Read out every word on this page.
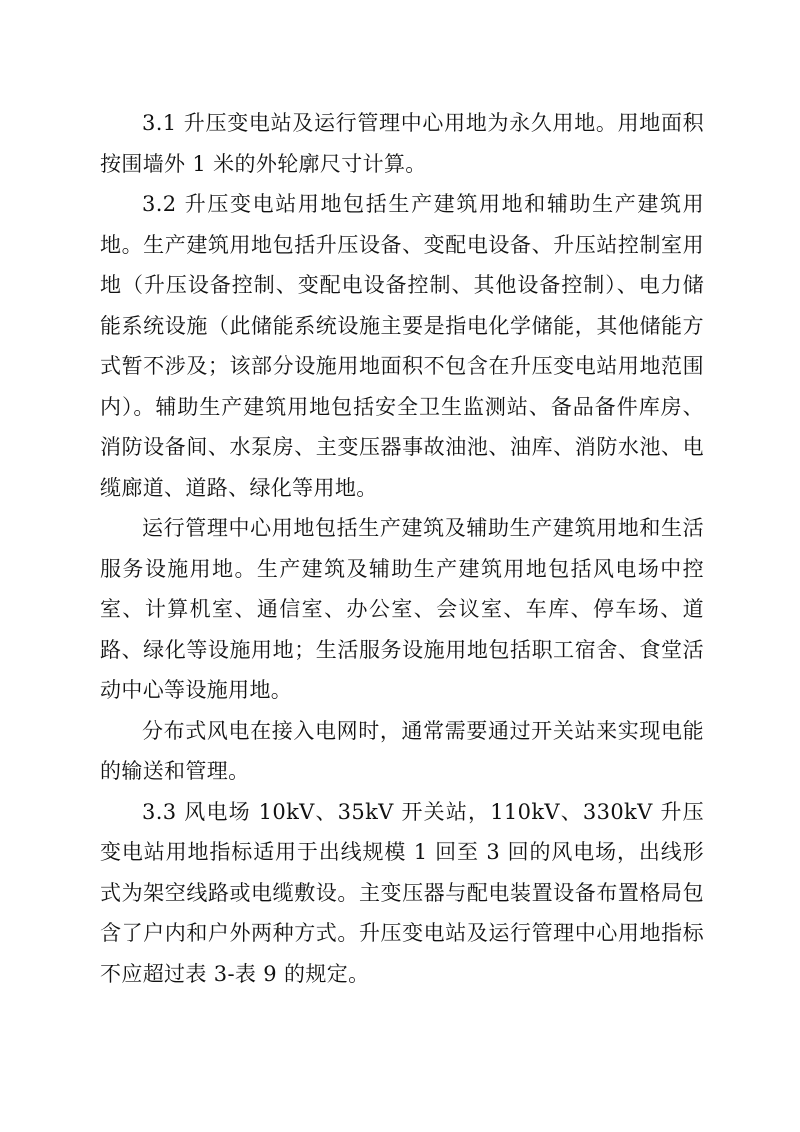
3.1 升压变电站及运行管理中心用地为永久用地。用地面积按围墙外 1 米的外轮廓尺寸计算。

3.2 升压变电站用地包括生产建筑用地和辅助生产建筑用地。生产建筑用地包括升压设备、变配电设备、升压站控制室用地（升压设备控制、变配电设备控制、其他设备控制）、电力储能系统设施（此储能系统设施主要是指电化学储能，其他储能方式暂不涉及；该部分设施用地面积不包含在升压变电站用地范围内）。辅助生产建筑用地包括安全卫生监测站、备品备件库房、消防设备间、水泵房、主变压器事故油池、油库、消防水池、电缆廊道、道路、绿化等用地。

运行管理中心用地包括生产建筑及辅助生产建筑用地和生活服务设施用地。生产建筑及辅助生产建筑用地包括风电场中控室、计算机室、通信室、办公室、会议室、车库、停车场、道路、绿化等设施用地；生活服务设施用地包括职工宿舍、食堂活动中心等设施用地。

分布式风电在接入电网时，通常需要通过开关站来实现电能的输送和管理。

3.3 风电场 10kV、35kV 开关站，110kV、330kV 升压变电站用地指标适用于出线规模 1 回至 3 回的风电场，出线形式为架空线路或电缆敷设。主变压器与配电装置设备布置格局包含了户内和户外两种方式。升压变电站及运行管理中心用地指标不应超过表 3-表 9 的规定。
